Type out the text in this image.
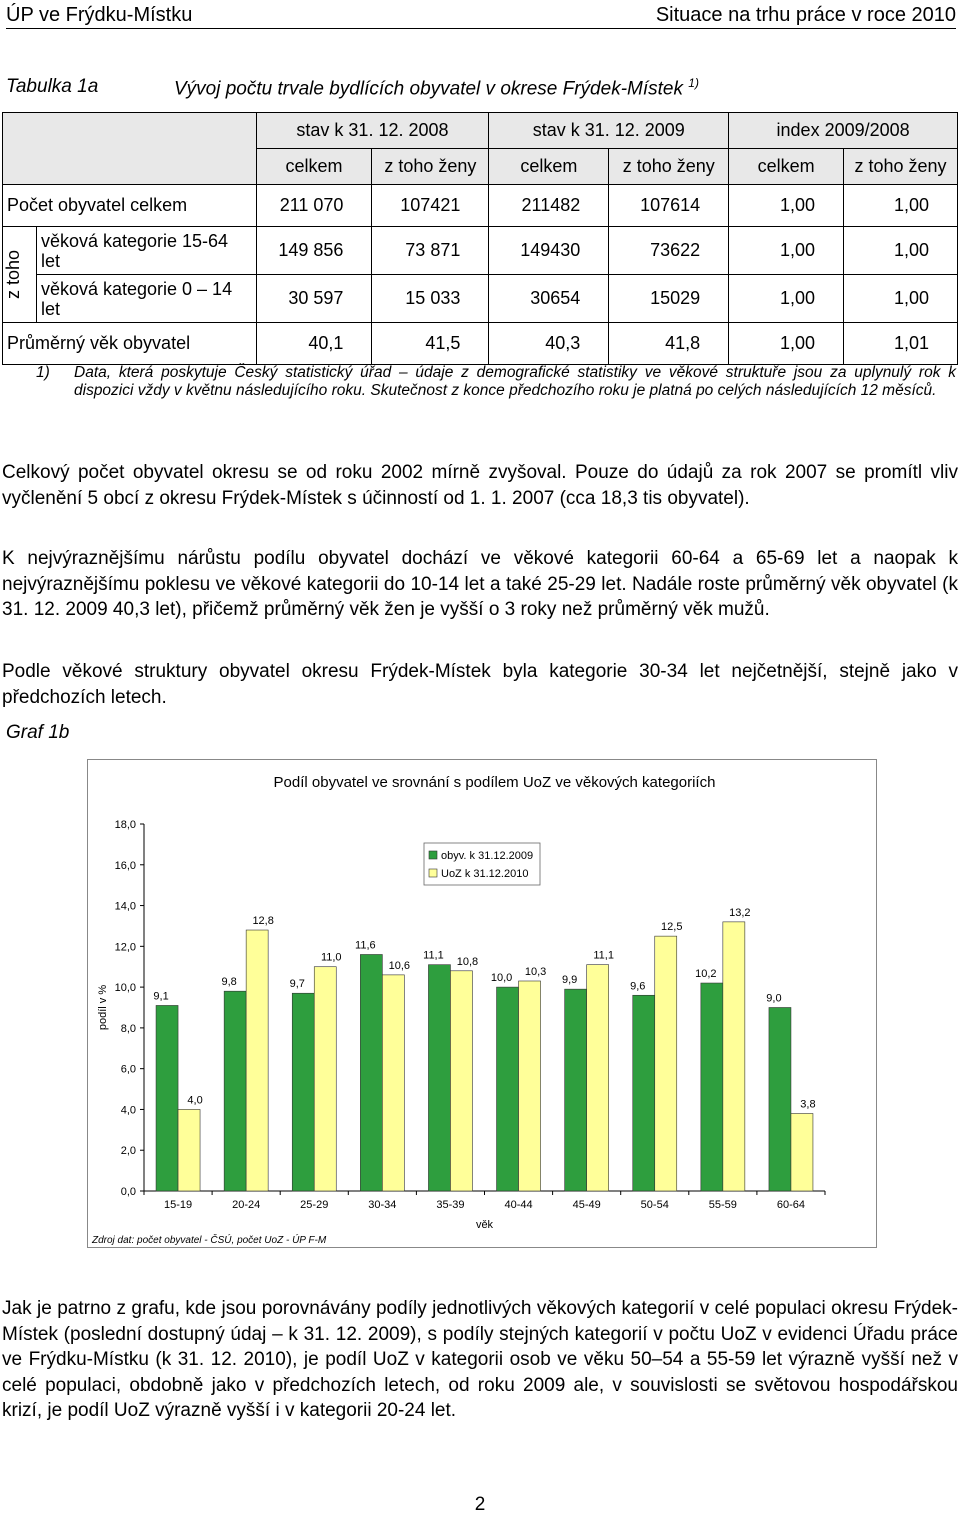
ÚP ve Frýdku-Místku	Situace na trhu práce v roce 2010
Tabulka 1a	Vývoj počtu trvale bydlících obyvatel v okrese Frýdek-Místek $^{1)}$
		stav k 31. 12. 2008		stav k 31. 12. 2009		index 2009/2008	
		celkem	z toho ženy	celkem	z toho ženy	celkem	z toho ženy
Počet obyvatel celkem		211 070	107421	211482	107614	1,00	1,00

z toho	věková kategorie 15-64 let	149 856	73 871	149430	73622	1,00	1,00
	věková kategorie 0 – 14 let	30 597	15 033	30654	15029	1,00	1,00
Průměrný věk obyvatel		40,1	41,5	40,3	41,8	1,00	1,01
1) Data, která poskytuje Český statistický úřad – údaje z demografické statistiky ve věkové struktuře jsou za uplynulý rok k dispozici vždy v květnu následujícího roku. Skutečnost z konce předchozího roku je platná po celých následujících 12 měsíců.
Celkový počet obyvatel okresu se od roku 2002 mírně zvyšoval. Pouze do údajů za rok 2007 se promítl vliv vyčlenění 5 obcí z okresu Frýdek-Místek s účinností od 1. 1. 2007 (cca 18,3 tis obyvatel).
K nejvýraznějšímu nárůstu podílu obyvatel dochází ve věkové kategorii 60-64 a 65-69 let a naopak k nejvýraznějšímu poklesu ve věkové kategorii do 10-14 let a také 25-29 let. Nadále roste průměrný věk obyvatel (k 31. 12. 2009 40,3 let), přičemž průměrný věk žen je vyšší o 3 roky než průměrný věk mužů.
Podle věkové struktury obyvatel okresu Frýdek-Místek byla kategorie 30-34 let nejčetnější, stejně jako v předchozích letech.
Graf 1b
Podíl obyvatel ve srovnání s podílem UoZ ve věkových kategoriích
0,0
2,0
4,0
6,0
8,0
10,0
12,0
14,0
16,0
18,0
podíl v %
15-19
9,1
4,0
20-24
9,8
12,8
25-29
9,7
11,0
30-34
11,6
10,6
35-39
11,1
10,8
40-44
10,0
10,3
45-49
9,9
11,1
50-54
9,6
12,5
55-59
10,2
13,2
60-64
9,0
3,8
věk
obyv. k 31.12.2009
UoZ k 31.12.2010
Zdroj dat: počet obyvatel - ČSÚ, počet UoZ - ÚP F-M
Jak je patrno z grafu, kde jsou porovnávány podíly jednotlivých věkových kategorií v celé populaci okresu Frýdek-Místek (poslední dostupný údaj – k 31. 12. 2009), s podíly stejných kategorií v počtu UoZ v evidenci Úřadu práce ve Frýdku-Místku (k 31. 12. 2010), je podíl UoZ v kategorii osob ve věku 50–54 a 55-59 let výrazně vyšší než v celé populaci, obdobně jako v předchozích letech, od roku 2009 ale, v souvislosti se světovou hospodářskou krizí, je podíl UoZ výrazně vyšší i v kategorii 20-24 let.
2
